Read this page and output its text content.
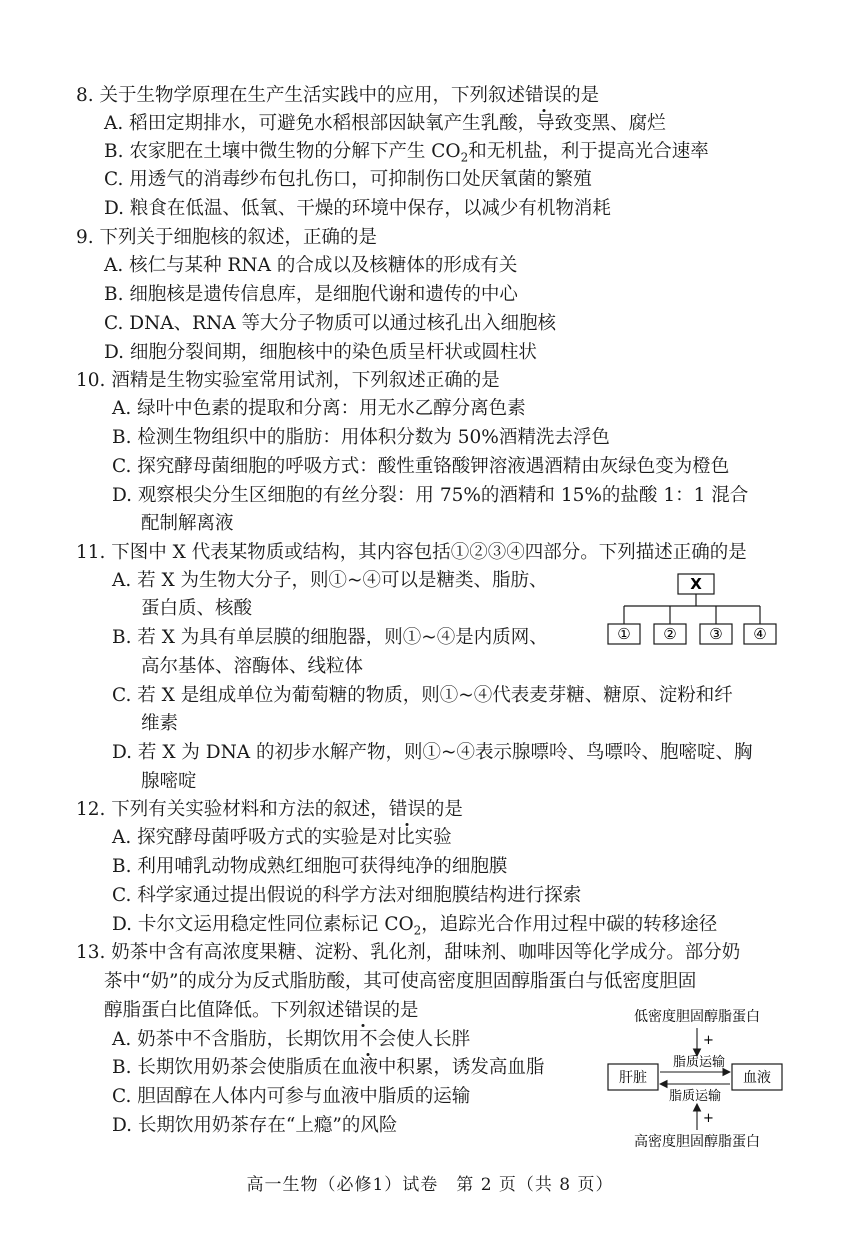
8. 关于生物学原理在生产生活实践中的应用，下列叙述错误的是
A. 稻田定期排水，可避免水稻根部因缺氧产生乳酸，导致变黑、腐烂
B. 农家肥在土壤中微生物的分解下产生 $CO_2$和无机盐，利于提高光合速率
C. 用透气的消毒纱布包扎伤口，可抑制伤口处厌氧菌的繁殖
D. 粮食在低温、低氧、干燥的环境中保存，以减少有机物消耗
9. 下列关于细胞核的叙述，正确的是
A. 核仁与某种 RNA 的合成以及核糖体的形成有关
B. 细胞核是遗传信息库，是细胞代谢和遗传的中心
C. DNA、RNA 等大分子物质可以通过核孔出入细胞核
D. 细胞分裂间期，细胞核中的染色质呈杆状或圆柱状
10. 酒精是生物实验室常用试剂，下列叙述正确的是
A. 绿叶中色素的提取和分离：用无水乙醇分离色素
B. 检测生物组织中的脂肪：用体积分数为 50%酒精洗去浮色
C. 探究酵母菌细胞的呼吸方式：酸性重铬酸钾溶液遇酒精由灰绿色变为橙色
D. 观察根尖分生区细胞的有丝分裂：用 75%的酒精和 15%的盐酸 1：1 混合
配制解离液
11. 下图中 X 代表某物质或结构，其内容包括①②③④四部分。下列描述正确的是
A. 若 X 为生物大分子，则①~④可以是糖类、脂肪、
蛋白质、核酸
B. 若 X 为具有单层膜的细胞器，则①~④是内质网、
高尔基体、溶酶体、线粒体
C. 若 X 是组成单位为葡萄糖的物质，则①~④代表麦芽糖、糖原、淀粉和纤
维素
D. 若 X 为 DNA 的初步水解产物，则①~④表示腺嘌呤、鸟嘌呤、胞嘧啶、胸
腺嘧啶
X
① ② ③ ④
12. 下列有关实验材料和方法的叙述，错误的是
A. 探究酵母菌呼吸方式的实验是对比实验
B. 利用哺乳动物成熟红细胞可获得纯净的细胞膜
C. 科学家通过提出假说的科学方法对细胞膜结构进行探索
D. 卡尔文运用稳定性同位素标记 $CO_2$，追踪光合作用过程中碳的转移途径
13. 奶茶中含有高浓度果糖、淀粉、乳化剂，甜味剂、咖啡因等化学成分。部分奶
茶中“奶”的成分为反式脂肪酸，其可使高密度胆固醇脂蛋白与低密度胆固
醇脂蛋白比值降低。下列叙述错误的是
A. 奶茶中不含脂肪，长期饮用不会使人长胖
B. 长期饮用奶茶会使脂质在血液中积累，诱发高血脂
C. 胆固醇在人体内可参与血液中脂质的运输
D. 长期饮用奶茶存在“上瘾”的风险
低密度胆固醇脂蛋白
+
脂质运输
肝脏	血液
脂质运输
+
高密度胆固醇脂蛋白
高一生物（必修1）试卷　第 2 页（共 8 页）
